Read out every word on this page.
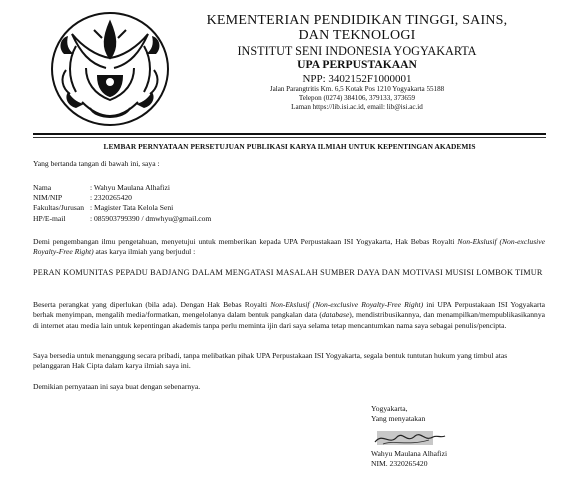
KEMENTERIAN PENDIDIKAN TINGGI, SAINS,
DAN TEKNOLOGI
INSTITUT SENI INDONESIA YOGYAKARTA
UPA PERPUSTAKAAN
NPP: 3402152F1000001
Jalan Parangtritis Km. 6,5 Kotak Pos 1210 Yogyakarta 55188
Telepon (0274) 384106, 379133, 373659
Laman https://lib.isi.ac.id, email: lib@isi.ac.id
LEMBAR PERNYATAAN PERSETUJUAN PUBLIKASI KARYA ILMIAH UNTUK KEPENTINGAN AKADEMIS
Yang bertanda tangan di bawah ini, saya :
Nama	: Wahyu Maulana Alhafizi
NIM/NIP	: 2320265420
Fakultas/Jurusan	: Magister Tata Kelola Seni
HP/E-mail	: 085903799390 / dmwhyu@gmail.com
Demi pengembangan ilmu pengetahuan, menyetujui untuk memberikan kepada UPA Perpustakaan ISI Yogyakarta, Hak Bebas Royalti Non-Ekslusif (Non-exclusive Royalty-Free Right) atas karya ilmiah yang berjudul :
PERAN KOMUNITAS PEPADU BADJANG DALAM MENGATASI MASALAH SUMBER DAYA DAN MOTIVASI MUSISI LOMBOK TIMUR
Beserta perangkat yang diperlukan (bila ada). Dengan Hak Bebas Royalti Non-Ekslusif (Non-exclusive Royalty-Free Right) ini UPA Perpustakaan ISI Yogyakarta berhak menyimpan, mengalih media/formatkan, mengelolanya dalam bentuk pangkalan data (database), mendistribusikannya, dan menampilkan/mempublikasikannya di internet atau media lain untuk kepentingan akademis tanpa perlu meminta ijin dari saya selama tetap mencantumkan nama saya sebagai penulis/pencipta.
Saya bersedia untuk menanggung secara pribadi, tanpa melibatkan pihak UPA Perpustakaan ISI Yogyakarta, segala bentuk tuntutan hukum yang timbul atas pelanggaran Hak Cipta dalam karya ilmiah saya ini.
Demikian pernyataan ini saya buat dengan sebenarnya.
Yogyakarta,
Yang menyatakan
Wahyu Maulana Alhafizi
NIM. 2320265420
